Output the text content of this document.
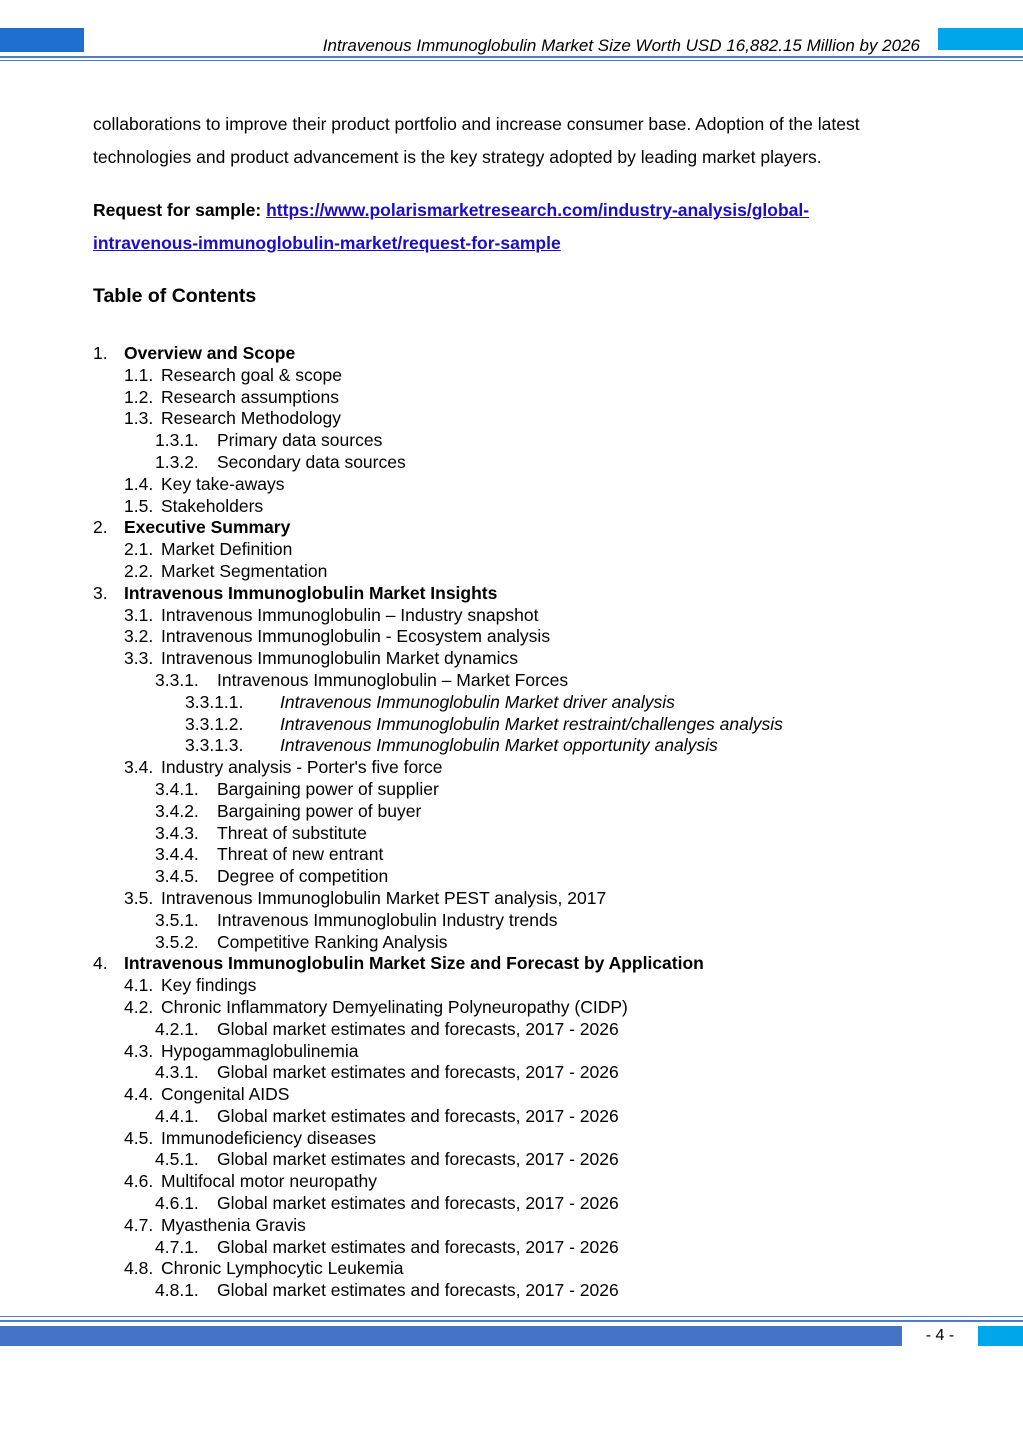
Intravenous Immunoglobulin Market Size Worth USD 16,882.15 Million by 2026

collaborations to improve their product portfolio and increase consumer base. Adoption of the latest

technologies and product advancement is the key strategy adopted by leading market players.

Request for sample: https://www.polarismarketresearch.com/industry-analysis/global-
intravenous-immunoglobulin-market/request-for-sample
Table of Contents
1. Overview and Scope
1.1. Research goal & scope
1.2. Research assumptions
1.3. Research Methodology
1.3.1. Primary data sources
1.3.2. Secondary data sources
1.4. Key take-aways
1.5. Stakeholders
2. Executive Summary
2.1. Market Definition
2.2. Market Segmentation
3. Intravenous Immunoglobulin Market Insights
3.1. Intravenous Immunoglobulin – Industry snapshot
3.2. Intravenous Immunoglobulin - Ecosystem analysis
3.3. Intravenous Immunoglobulin Market dynamics
3.3.1. Intravenous Immunoglobulin – Market Forces
3.3.1.1. Intravenous Immunoglobulin Market driver analysis
3.3.1.2. Intravenous Immunoglobulin Market restraint/challenges analysis
3.3.1.3. Intravenous Immunoglobulin Market opportunity analysis
3.4. Industry analysis - Porter's five force
3.4.1. Bargaining power of supplier
3.4.2. Bargaining power of buyer
3.4.3. Threat of substitute
3.4.4. Threat of new entrant
3.4.5. Degree of competition
3.5. Intravenous Immunoglobulin Market PEST analysis, 2017
3.5.1. Intravenous Immunoglobulin Industry trends
3.5.2. Competitive Ranking Analysis
4. Intravenous Immunoglobulin Market Size and Forecast by Application
4.1. Key findings
4.2. Chronic Inflammatory Demyelinating Polyneuropathy (CIDP)
4.2.1. Global market estimates and forecasts, 2017 - 2026
4.3. Hypogammaglobulinemia
4.3.1. Global market estimates and forecasts, 2017 - 2026
4.4. Congenital AIDS
4.4.1. Global market estimates and forecasts, 2017 - 2026
4.5. Immunodeficiency diseases
4.5.1. Global market estimates and forecasts, 2017 - 2026
4.6. Multifocal motor neuropathy
4.6.1. Global market estimates and forecasts, 2017 - 2026
4.7. Myasthenia Gravis
4.7.1. Global market estimates and forecasts, 2017 - 2026
4.8. Chronic Lymphocytic Leukemia
4.8.1. Global market estimates and forecasts, 2017 - 2026
- 4 -
